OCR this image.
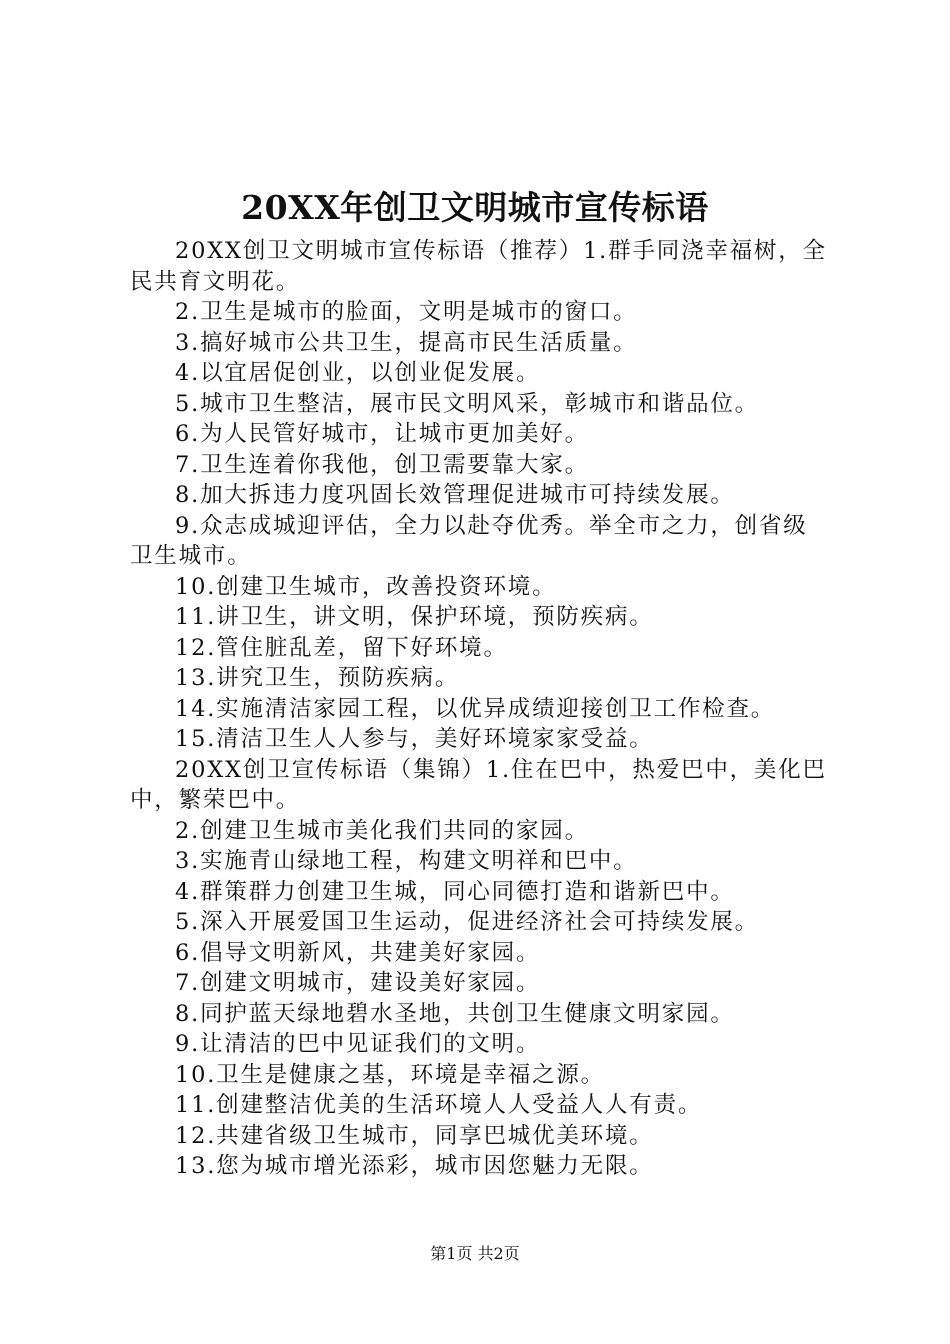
20XX年创卫文明城市宣传标语

20XX创卫文明城市宣传标语（推荐）1.群手同浇幸福树，全民共育文明花。

2.卫生是城市的脸面，文明是城市的窗口。

3.搞好城市公共卫生，提高市民生活质量。

4.以宜居促创业，以创业促发展。

5.城市卫生整洁，展市民文明风采，彰城市和谐品位。

6.为人民管好城市，让城市更加美好。

7.卫生连着你我他，创卫需要靠大家。

8.加大拆违力度巩固长效管理促进城市可持续发展。

9.众志成城迎评估，全力以赴夺优秀。举全市之力，创省级卫生城市。

10.创建卫生城市，改善投资环境。

11.讲卫生，讲文明，保护环境，预防疾病。

12.管住脏乱差，留下好环境。

13.讲究卫生，预防疾病。

14.实施清洁家园工程，以优异成绩迎接创卫工作检查。

15.清洁卫生人人参与，美好环境家家受益。

20XX创卫宣传标语（集锦）1.住在巴中，热爱巴中，美化巴中，繁荣巴中。

2.创建卫生城市美化我们共同的家园。

3.实施青山绿地工程，构建文明祥和巴中。

4.群策群力创建卫生城，同心同德打造和谐新巴中。

5.深入开展爱国卫生运动，促进经济社会可持续发展。

6.倡导文明新风，共建美好家园。

7.创建文明城市，建设美好家园。

8.同护蓝天绿地碧水圣地，共创卫生健康文明家园。

9.让清洁的巴中见证我们的文明。

10.卫生是健康之基，环境是幸福之源。

11.创建整洁优美的生活环境人人受益人人有责。

12.共建省级卫生城市，同享巴城优美环境。

13.您为城市增光添彩，城市因您魅力无限。

第1页 共2页
